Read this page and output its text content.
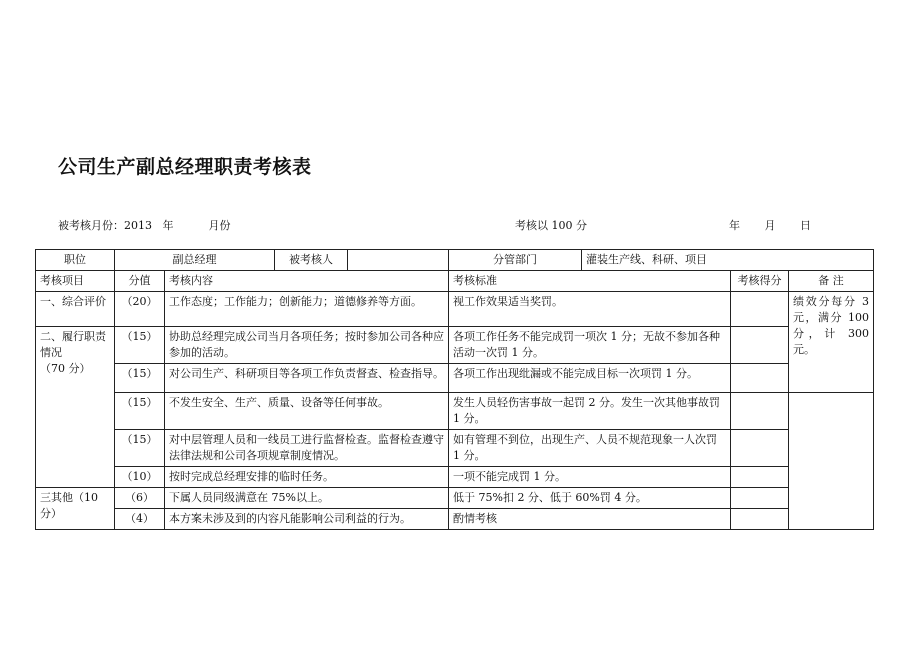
公司生产副总经理职责考核表
被考核月份：2013   年          月份	考核以 100 分	年       月       日
职位	副总经理		被考核人		分管部门	灌装生产线、科研、项目		
考核项目	分值	考核内容			考核标准		考核得分	备 注
一、综合评价	（20）	工作态度；工作能力；创新能力；道德修养等方面。			视工作效果适当奖罚。			绩效分每分 3 元，满分 100 分，计 300元。
二、履行职责情况
（70 分）	（15）	协助总经理完成公司当月各项任务；按时参加公司各种应参加的活动。			各项工作任务不能完成罚一项次 1 分；无故不参加各种活动一次罚 1 分。			
	（15）	对公司生产、科研项目等各项工作负责督查、检查指导。			各项工作出现纰漏或不能完成目标一次项罚 1 分。			
	（15）	不发生安全、生产、质量、设备等任何事故。			发生人员轻伤害事故一起罚 2 分。发生一次其他事故罚 1 分。			
	（15）	对中层管理人员和一线员工进行监督检查。监督检查遵守法律法规和公司各项规章制度情况。			如有管理不到位，出现生产、人员不规范现象一人次罚 1 分。			
	（10）	按时完成总经理安排的临时任务。			一项不能完成罚 1 分。			
三其他（10 分）	（6）	下属人员同级满意在 75%以上。			低于 75%扣 2 分、低于 60%罚 4 分。			
	（4）	本方案未涉及到的内容凡能影响公司利益的行为。			酌情考核			
